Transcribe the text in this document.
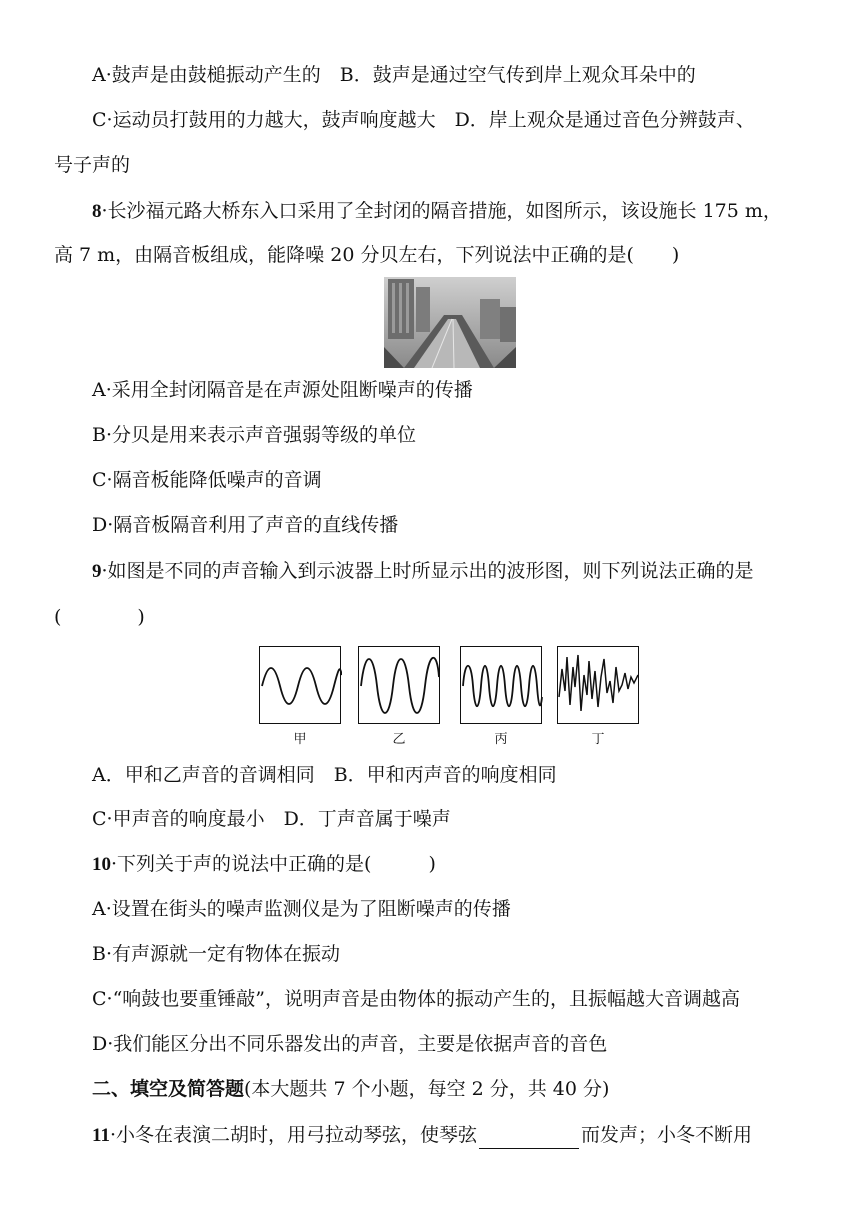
A·鼓声是由鼓槌振动产生的　B．鼓声是通过空气传到岸上观众耳朵中的
C·运动员打鼓用的力越大，鼓声响度越大　D．岸上观众是通过音色分辨鼓声、
号子声的
8·长沙福元路大桥东入口采用了全封闭的隔音措施，如图所示，该设施长 175 m，
高 7 m，由隔音板组成，能降噪 20 分贝左右，下列说法中正确的是(　　)
A·采用全封闭隔音是在声源处阻断噪声的传播
B·分贝是用来表示声音强弱等级的单位
C·隔音板能降低噪声的音调
D·隔音板隔音利用了声音的直线传播
9·如图是不同的声音输入到示波器上时所显示出的波形图，则下列说法正确的是
(　　　　)
甲	乙	丙	丁
A．甲和乙声音的音调相同　B．甲和丙声音的响度相同
C·甲声音的响度最小　D．丁声音属于噪声
10·下列关于声的说法中正确的是(　　　)
A·设置在街头的噪声监测仪是为了阻断噪声的传播
B·有声源就一定有物体在振动
C·“响鼓也要重锤敲”，说明声音是由物体的振动产生的，且振幅越大音调越高
D·我们能区分出不同乐器发出的声音，主要是依据声音的音色
二、填空及简答题(本大题共 7 个小题，每空 2 分，共 40 分)
11·小冬在表演二胡时，用弓拉动琴弦，使琴弦	而发声；小冬不断用
